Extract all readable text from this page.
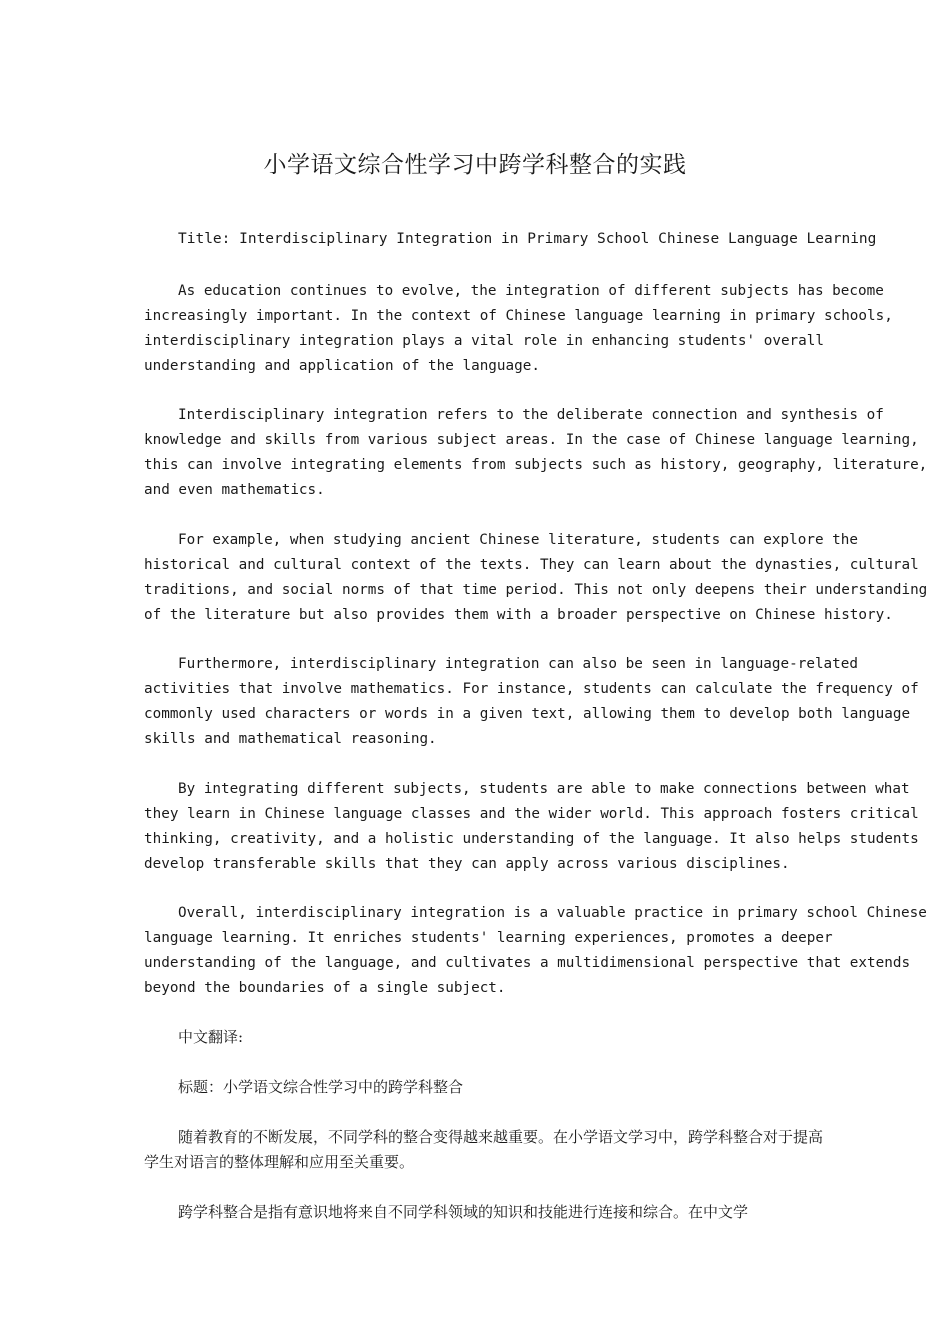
小学语文综合性学习中跨学科整合的实践
Title: Interdisciplinary Integration in Primary School Chinese Language Learning

As education continues to evolve, the integration of different subjects has become increasingly important. In the context of Chinese language learning in primary schools, interdisciplinary integration plays a vital role in enhancing students' overall understanding and application of the language.

Interdisciplinary integration refers to the deliberate connection and synthesis of knowledge and skills from various subject areas. In the case of Chinese language learning, this can involve integrating elements from subjects such as history, geography, literature, and even mathematics.

For example, when studying ancient Chinese literature, students can explore the historical and cultural context of the texts. They can learn about the dynasties, cultural traditions, and social norms of that time period. This not only deepens their understanding of the literature but also provides them with a broader perspective on Chinese history.

Furthermore, interdisciplinary integration can also be seen in language-related activities that involve mathematics. For instance, students can calculate the frequency of commonly used characters or words in a given text, allowing them to develop both language skills and mathematical reasoning.

By integrating different subjects, students are able to make connections between what they learn in Chinese language classes and the wider world. This approach fosters critical thinking, creativity, and a holistic understanding of the language. It also helps students develop transferable skills that they can apply across various disciplines.

Overall, interdisciplinary integration is a valuable practice in primary school Chinese language learning. It enriches students' learning experiences, promotes a deeper understanding of the language, and cultivates a multidimensional perspective that extends beyond the boundaries of a single subject.

中文翻译:

标题：小学语文综合性学习中的跨学科整合

随着教育的不断发展，不同学科的整合变得越来越重要。在小学语文学习中，跨学科整合对于提高学生对语言的整体理解和应用至关重要。

跨学科整合是指有意识地将来自不同学科领域的知识和技能进行连接和综合。在中文学
